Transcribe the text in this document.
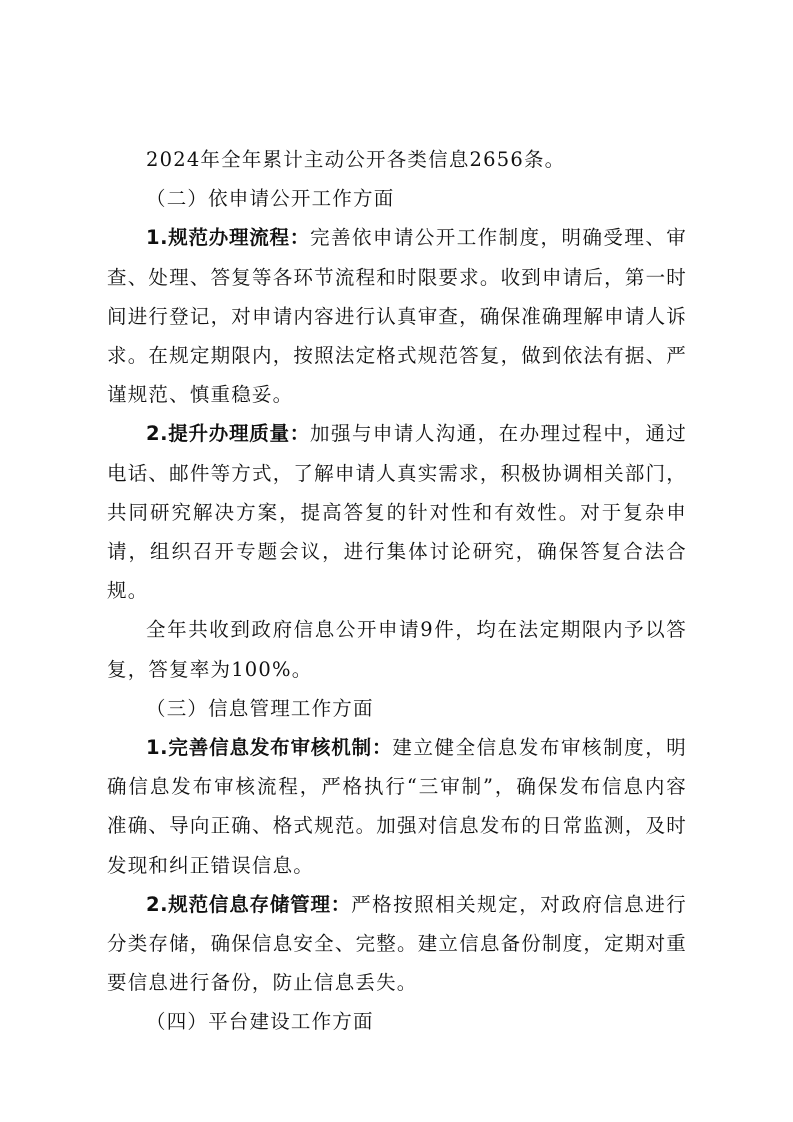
2024年全年累计主动公开各类信息2656条。

（二）依申请公开工作方面

1.规范办理流程：完善依申请公开工作制度，明确受理、审查、处理、答复等各环节流程和时限要求。收到申请后，第一时间进行登记，对申请内容进行认真审查，确保准确理解申请人诉求。在规定期限内，按照法定格式规范答复，做到依法有据、严谨规范、慎重稳妥。

2.提升办理质量：加强与申请人沟通，在办理过程中，通过电话、邮件等方式，了解申请人真实需求，积极协调相关部门，共同研究解决方案，提高答复的针对性和有效性。对于复杂申请，组织召开专题会议，进行集体讨论研究，确保答复合法合规。

全年共收到政府信息公开申请9件，均在法定期限内予以答复，答复率为100%。

（三）信息管理工作方面

1.完善信息发布审核机制：建立健全信息发布审核制度，明确信息发布审核流程，严格执行“三审制”，确保发布信息内容准确、导向正确、格式规范。加强对信息发布的日常监测，及时发现和纠正错误信息。

2.规范信息存储管理：严格按照相关规定，对政府信息进行分类存储，确保信息安全、完整。建立信息备份制度，定期对重要信息进行备份，防止信息丢失。

（四）平台建设工作方面
